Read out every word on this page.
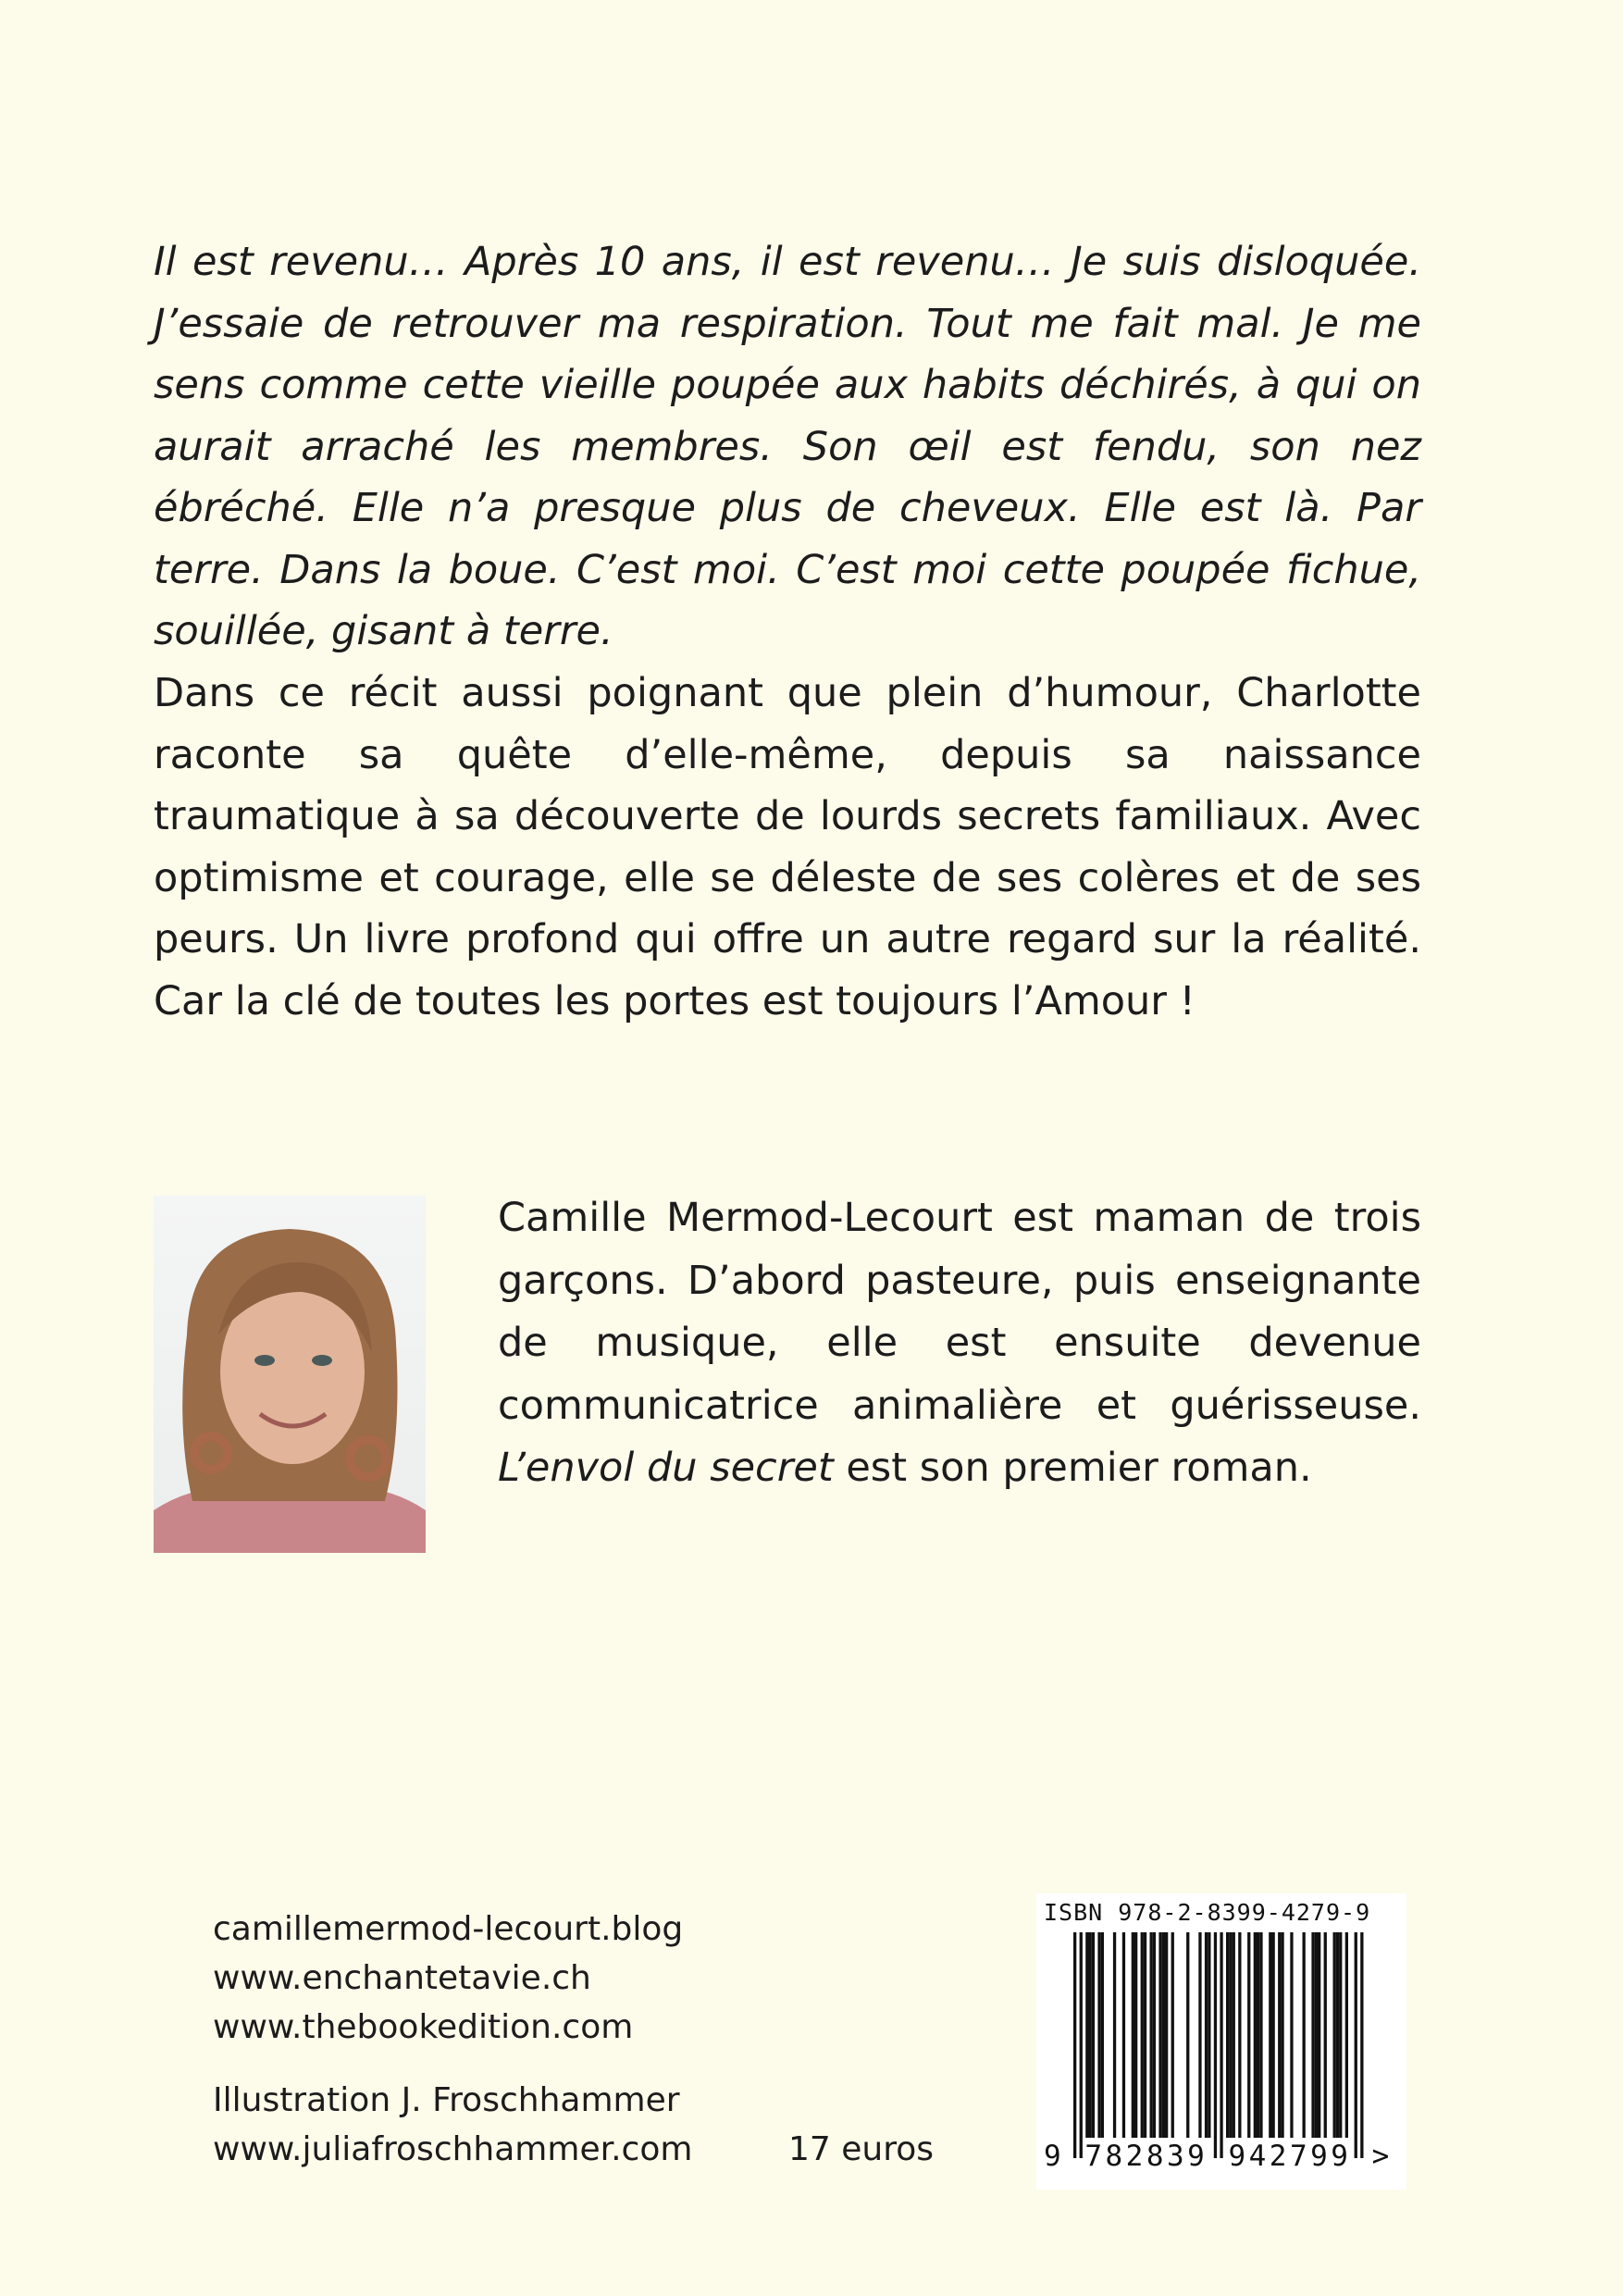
Il est revenu… Après 10 ans, il est revenu… Je suis disloquée. J’essaie de retrouver ma respiration. Tout me fait mal. Je me sens comme cette vieille poupée aux habits déchirés, à qui on aurait arraché les membres. Son œil est fendu, son nez ébréché. Elle n’a presque plus de cheveux. Elle est là. Par terre. Dans la boue. C’est moi. C’est moi cette poupée fichue, souillée, gisant à terre.

Dans ce récit aussi poignant que plein d’humour, Charlotte raconte sa quête d’elle-même, depuis sa naissance traumatique à sa découverte de lourds secrets familiaux. Avec optimisme et courage, elle se déleste de ses colères et de ses peurs. Un livre profond qui offre un autre regard sur la réalité. Car la clé de toutes les portes est toujours l’Amour !

Camille Mermod-Lecourt est maman de trois garçons. D’abord pasteure, puis enseignante de musique, elle est ensuite devenue communicatrice animalière et guérisseuse. L’envol du secret est son premier roman.

camillemermod-lecourt.blog
www.enchantetavie.ch
www.thebookedition.com
Illustration J. Froschhammer
www.juliafroschhammer.com	17 euros
ISBN 978-2-8399-4279-9
9 782839 942799 >
